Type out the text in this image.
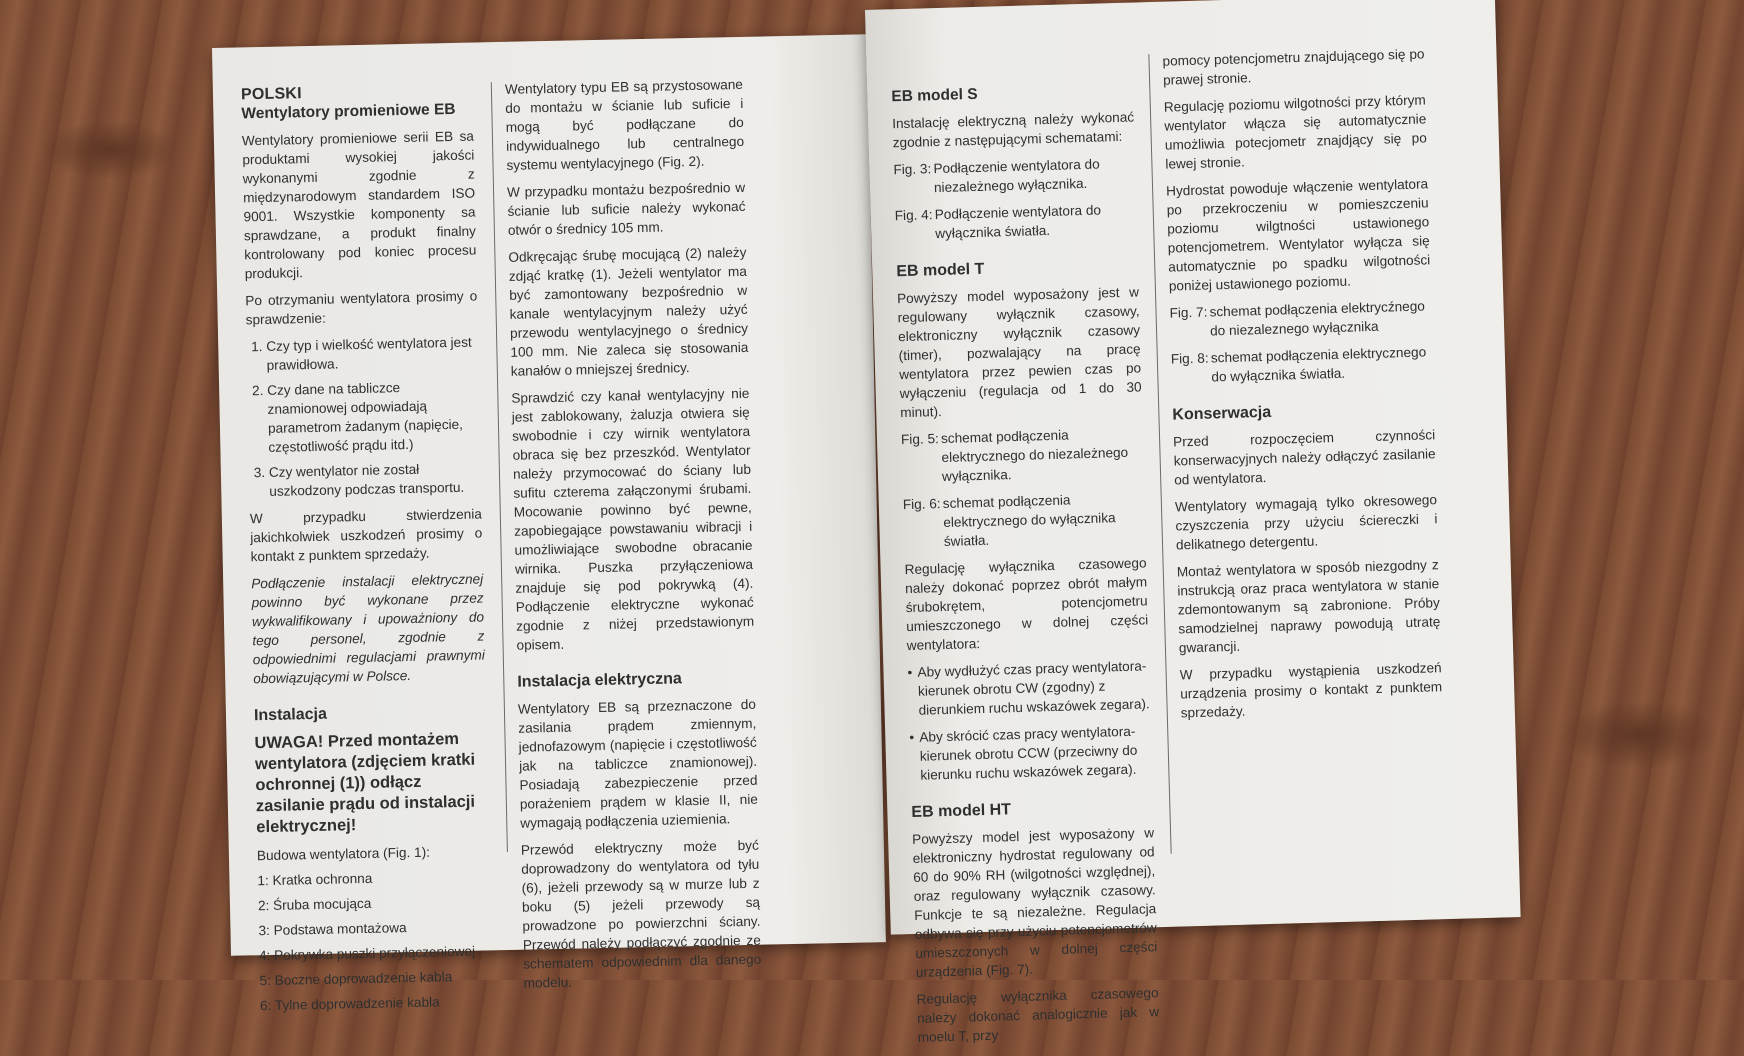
POLSKI
Wentylatory promieniowe EB

Wentylatory promieniowe serii EB sa produktami wysokiej jakości wykonanymi zgodnie z międzynarodowym standardem ISO 9001. Wszystkie komponenty sa sprawdzane, a produkt finalny kontrolowany pod koniec procesu produkcji.

Po otrzymaniu wentylatora prosimy o sprawdzenie:

1. Czy typ i wielkość wentylatora jest prawidłowa.
2. Czy dane na tabliczce znamionowej odpowiadają parametrom żadanym (napięcie, częstotliwość prądu itd.)
3. Czy wentylator nie został uszkodzony podczas transportu.

W przypadku stwierdzenia jakichkolwiek uszkodzeń prosimy o kontakt z punktem sprzedaży.

Podłączenie instalacji elektrycznej powinno być wykonane przez wykwalifikowany i upoważniony do tego personel, zgodnie z odpowiednimi regulacjami prawnymi obowiązującymi w Polsce.

Instalacja
UWAGA! Przed montażem wentylatora (zdjęciem kratki ochronnej (1)) odłącz zasilanie prądu od instalacji elektrycznej!
Budowa wentylatora (Fig. 1):
1: Kratka ochronna
2: Śruba mocująca
3: Podstawa montażowa
4: Pokrywka puszki przyłączeniowej
5: Boczne doprowadzenie kabla
6: Tylne doprowadzenie kabla

Wentylatory typu EB są przystosowane do montażu w ścianie lub suficie i mogą być podłączane do indywidualnego lub centralnego systemu wentylacyjnego (Fig. 2).

W przypadku montażu bezpośrednio w ścianie lub suficie należy wykonać otwór o średnicy 105 mm.

Odkręcając śrubę mocującą (2) należy zdjąć kratkę (1). Jeżeli wentylator ma być zamontowany bezpośrednio w kanale wentylacyjnym należy użyć przewodu wentylacyjnego o średnicy 100 mm. Nie zaleca się stosowania kanałów o mniejszej średnicy.

Sprawdzić czy kanał wentylacyjny nie jest zablokowany, żaluzja otwiera się swobodnie i czy wirnik wentylatora obraca się bez przeszkód. Wentylator należy przymocować do ściany lub sufitu czterema załączonymi śrubami. Mocowanie powinno być pewne, zapobiegające powstawaniu wibracji i umożliwiające swobodne obracanie wirnika. Puszka przyłączeniowa znajduje się pod pokrywką (4). Podłączenie elektryczne wykonać zgodnie z niżej przedstawionym opisem.

Instalacja elektryczna

Wentylatory EB są przeznaczone do zasilania prądem zmiennym, jednofazowym (napięcie i częstotliwość jak na tabliczce znamionowej). Posiadają zabezpieczenie przed porażeniem prądem w klasie II, nie wymagają podłączenia uziemienia.

Przewód elektryczny może być doprowadzony do wentylatora od tyłu (6), jeżeli przewody są w murze lub z boku (5) jeżeli przewody są prowadzone po powierzchni ściany. Przewód należy podłączyć zgodnie ze schematem odpowiednim dla danego modelu.

EB model S

Instalację elektryczną należy wykonać zgodnie z następującymi schematami:

Fig. 3: Podłączenie wentylatora do niezależnego wyłącznika.
Fig. 4: Podłączenie wentylatora do wyłącznika światła.
EB model T

Powyższy model wyposażony jest w regulowany wyłącznik czasowy, elektroniczny wyłącznik czasowy (timer), pozwalający na pracę wentylatora przez pewien czas po wyłączeniu (regulacja od 1 do 30 minut).

Fig. 5: schemat podłączenia elektrycznego do niezależnego wyłącznika.
Fig. 6: schemat podłączenia elektrycznego do wyłącznika światła.

Regulację wyłącznika czasowego należy dokonać poprzez obrót małym śrubokrętem, potencjometru umieszczonego w dolnej części wentylatora:

• Aby wydłużyć czas pracy wentylatora-kierunek obrotu CW (zgodny) z dierunkiem ruchu wskazówek zegara).
• Aby skrócić czas pracy wentylatora-kierunek obrotu CCW (przeciwny do kierunku ruchu wskazówek zegara).
EB model HT

Powyższy model jest wyposażony w elektroniczny hydrostat regulowany od 60 do 90% RH (wilgotności względnej), oraz regulowany wyłącznik czasowy. Funkcje te są niezależne. Regulacja odbywa się przy użyciu potencjometrów umieszczonych w dolnej części urządzenia (Fig. 7).

Regulację wyłącznika czasowego należy dokonać analogicznie jak w moelu T, przy

pomocy potencjometru znajdującego się po prawej stronie.

Regulację poziomu wilgotności przy którym wentylator włącza się automatycznie umożliwia potecjometr znajdjący się po lewej stronie.

Hydrostat powoduje włączenie wentylatora po przekroczeniu w pomieszczeniu poziomu wilgtności ustawionego potencjometrem. Wentylator wyłącza się automatycznie po spadku wilgotności poniżej ustawionego poziomu.

Fig. 7: schemat podłączenia elektrycźnego do niezaleznego wyłącznika
Fig. 8: schemat podłączenia elektrycznego do wyłącznika światła.
Konserwacja

Przed rozpoczęciem czynności konserwacyjnych należy odłączyć zasilanie od wentylatora.

Wentylatory wymagają tylko okresowego czyszczenia przy użyciu ściereczki i delikatnego detergentu.

Montaż wentylatora w sposób niezgodny z instrukcją oraz praca wentylatora w stanie zdemontowanym są zabronione. Próby samodzielnej naprawy powodują utratę gwarancji.

W przypadku wystąpienia uszkodzeń urządzenia prosimy o kontakt z punktem sprzedaży.
